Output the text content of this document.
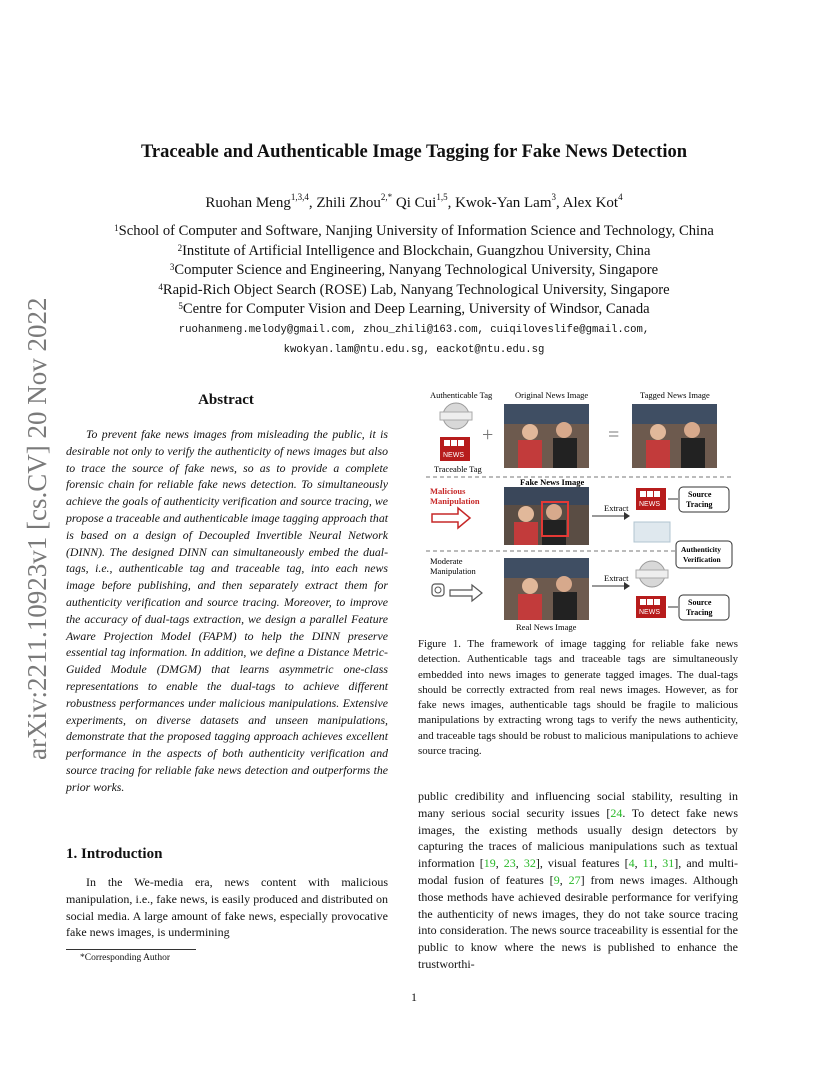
arXiv:2211.10923v1 [cs.CV] 20 Nov 2022
Traceable and Authenticable Image Tagging for Fake News Detection
Ruohan Meng$^{1,3,4}$, Zhili Zhou$^{2,*}$ Qi Cui$^{1,5}$, Kwok-Yan Lam$^3$, Alex Kot$^4$
$^1$School of Computer and Software, Nanjing University of Information Science and Technology, China
$^2$Institute of Artificial Intelligence and Blockchain, Guangzhou University, China
$^3$Computer Science and Engineering, Nanyang Technological University, Singapore
$^4$Rapid-Rich Object Search (ROSE) Lab, Nanyang Technological University, Singapore
$^5$Centre for Computer Vision and Deep Learning, University of Windsor, Canada
ruohanmeng.melody@gmail.com, zhou_zhili@163.com, cuiqiloveslife@gmail.com,
kwokyan.lam@ntu.edu.sg, eackot@ntu.edu.sg
Abstract

To prevent fake news images from misleading the public, it is desirable not only to verify the authenticity of news images but also to trace the source of fake news, so as to provide a complete forensic chain for reliable fake news detection. To simultaneously achieve the goals of authenticity verification and source tracing, we propose a traceable and authenticable image tagging approach that is based on a design of Decoupled Invertible Neural Network (DINN). The designed DINN can simultaneously embed the dual-tags, i.e., authenticable tag and traceable tag, into each news image before publishing, and then separately extract them for authenticity verification and source tracing. Moreover, to improve the accuracy of dual-tags extraction, we design a parallel Feature Aware Projection Model (FAPM) to help the DINN preserve essential tag information. In addition, we define a Distance Metric-Guided Module (DMGM) that learns asymmetric one-class representations to enable the dual-tags to achieve different robustness performances under malicious manipulations. Extensive experiments, on diverse datasets and unseen manipulations, demonstrate that the proposed tagging approach achieves excellent performance in the aspects of both authenticity verification and source tracing for reliable fake news detection and outperforms the prior works.

1. Introduction

In the We-media era, news content with malicious manipulation, i.e., fake news, is easily produced and distributed on social media. A large amount of fake news, especially provocative fake news images, is undermining

*Corresponding Author
Authenticable Tag	Original News Image	Tagged News Image
NEWS
Traceable Tag
+	=
Fake News Image
Malicious
Manipulation
Extract NEWS
Source
Tracing
Authenticity
Verification
Moderate
Manipulation
Real News Image
Extract
NEWS
Source
Tracing
Figure 1. The framework of image tagging for reliable fake news detection. Authenticable tags and traceable tags are simultaneously embedded into news images to generate tagged images. The dual-tags should be correctly extracted from real news images. However, as for fake news images, authenticable tags should be fragile to malicious manipulations by extracting wrong tags to verify the news authenticity, and traceable tags should be robust to malicious manipulations to achieve source tracing.
public credibility and influencing social stability, resulting in many serious social security issues [24. To detect fake news images, the existing methods usually design detectors by capturing the traces of malicious manipulations such as textual information [19, 23, 32], visual features [4, 11, 31], and multi-modal fusion of features [9, 27] from news images. Although those methods have achieved desirable performance for verifying the authenticity of news images, they do not take source tracing into consideration. The news source traceability is essential for the public to know where the news is published to enhance the trustworthi-
1
